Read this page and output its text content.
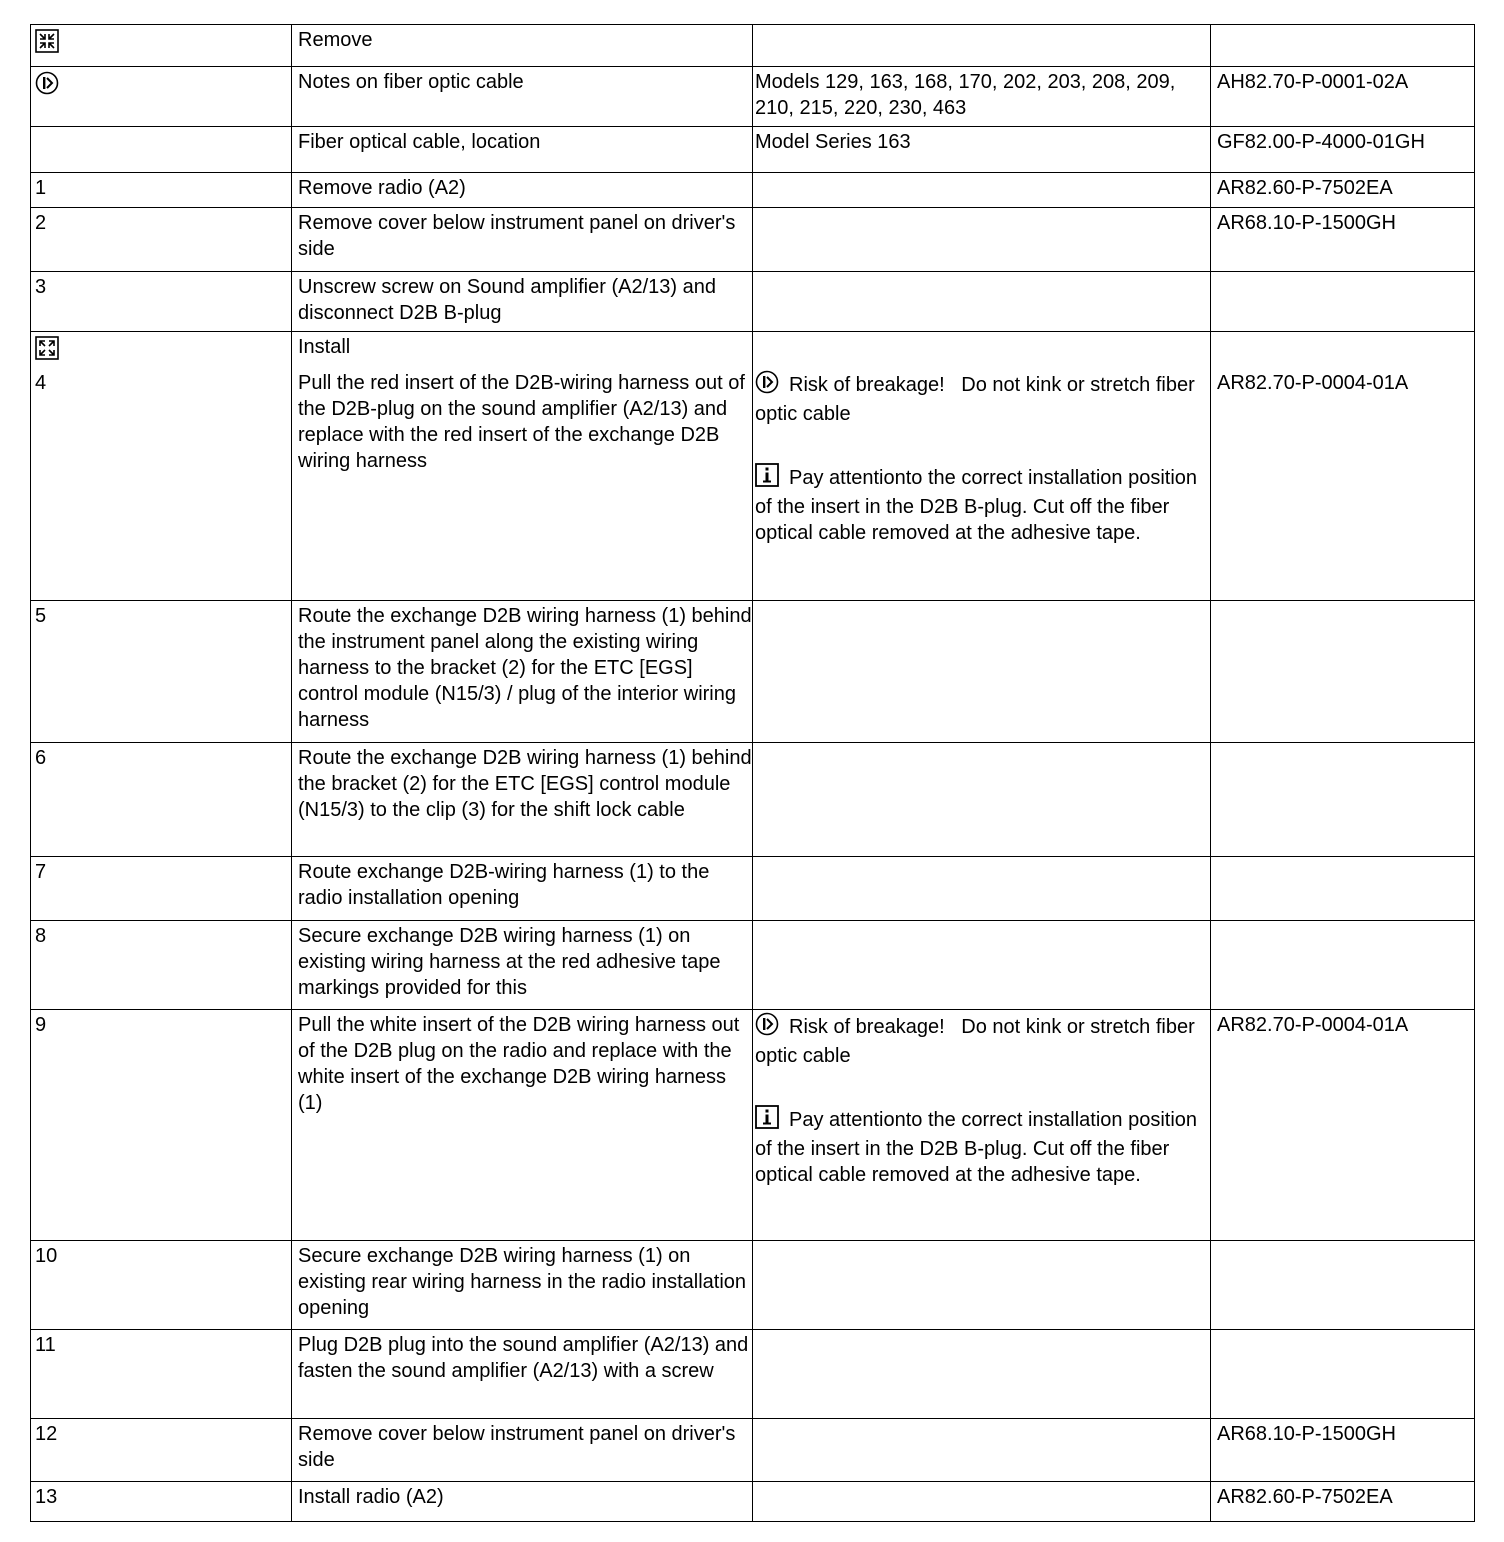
	Remove		

	Notes on fiber optic cable	Models 129, 163, 168, 170, 202, 203, 208, 209, 210, 215, 220, 230, 463	AH82.70-P-0001-02A
	Fiber optical cable, location	Model Series 163	GF82.00-P-4000-01GH
1	Remove radio (A2)		AR82.60-P-7502EA
2	Remove cover below instrument panel on driver's side		AR68.10-P-1500GH
3	Unscrew screw on Sound amplifier (A2/13) and disconnect D2B B-plug		

	Install		
4	Pull the red insert of the D2B-wiring harness out of the D2B-plug on the sound amplifier (A2/13) and replace with the red insert of the exchange D2B wiring harness	Risk of breakage!   Do not kink or stretch fiber optic cable
Pay attentionto the correct installation position of the insert in the D2B B-plug. Cut off the fiber optical cable removed at the adhesive tape.	AR82.70-P-0004-01A
5	Route the exchange D2B wiring harness (1) behind the instrument panel along the existing wiring harness to the bracket (2) for the ETC [EGS] control module (N15/3) / plug of the interior wiring harness		
6	Route the exchange D2B wiring harness (1) behind the bracket (2) for the ETC [EGS] control module (N15/3) to the clip (3) for the shift lock cable		
7	Route exchange D2B-wiring harness (1) to the radio installation opening		
8	Secure exchange D2B wiring harness (1) on existing wiring harness at the red adhesive tape markings provided for this		
9	Pull the white insert of the D2B wiring harness out of the D2B plug on the radio and replace with the white insert of the exchange D2B wiring harness (1)	Risk of breakage!   Do not kink or stretch fiber optic cable
Pay attentionto the correct installation position of the insert in the D2B B-plug. Cut off the fiber optical cable removed at the adhesive tape.	AR82.70-P-0004-01A
10	Secure exchange D2B wiring harness (1) on existing rear wiring harness in the radio installation opening		
11	Plug D2B plug into the sound amplifier (A2/13) and fasten the sound amplifier (A2/13) with a screw		
12	Remove cover below instrument panel on driver's side		AR68.10-P-1500GH
13	Install radio (A2)		AR82.60-P-7502EA
